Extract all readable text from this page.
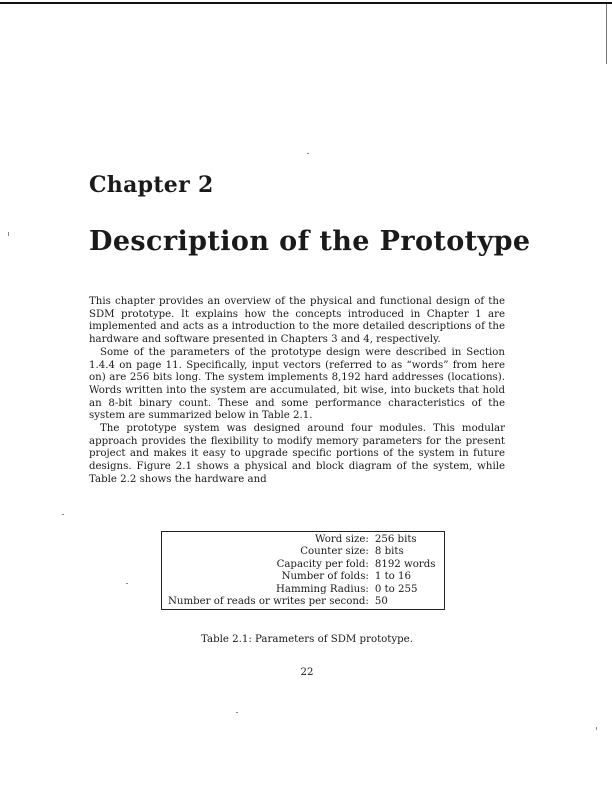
Chapter 2
Description of the Prototype

This chapter provides an overview of the physical and functional design of the SDM prototype. It explains how the concepts introduced in Chapter 1 are implemented and acts as a introduction to the more detailed descriptions of the hardware and software presented in Chapters 3 and 4, respectively.

Some of the parameters of the prototype design were described in Section 1.4.4 on page 11. Specifically, input vectors (referred to as “words” from here on) are 256 bits long. The system implements 8,192 hard addresses (locations). Words written into the system are accumulated, bit wise, into buckets that hold an 8-bit binary count. These and some performance characteristics of the system are summarized below in Table 2.1.

The prototype system was designed around four modules. This modular approach provides the flexibility to modify memory parameters for the present project and makes it easy to upgrade specific portions of the system in future designs. Figure 2.1 shows a physical and block diagram of the system, while Table 2.2 shows the hardware and

Word size:	256 bits
Counter size:	8 bits
Capacity per fold:	8192 words
Number of folds:	1 to 16
Hamming Radius:	0 to 255
Number of reads or writes per second:	50
Table 2.1: Parameters of SDM prototype.
22
